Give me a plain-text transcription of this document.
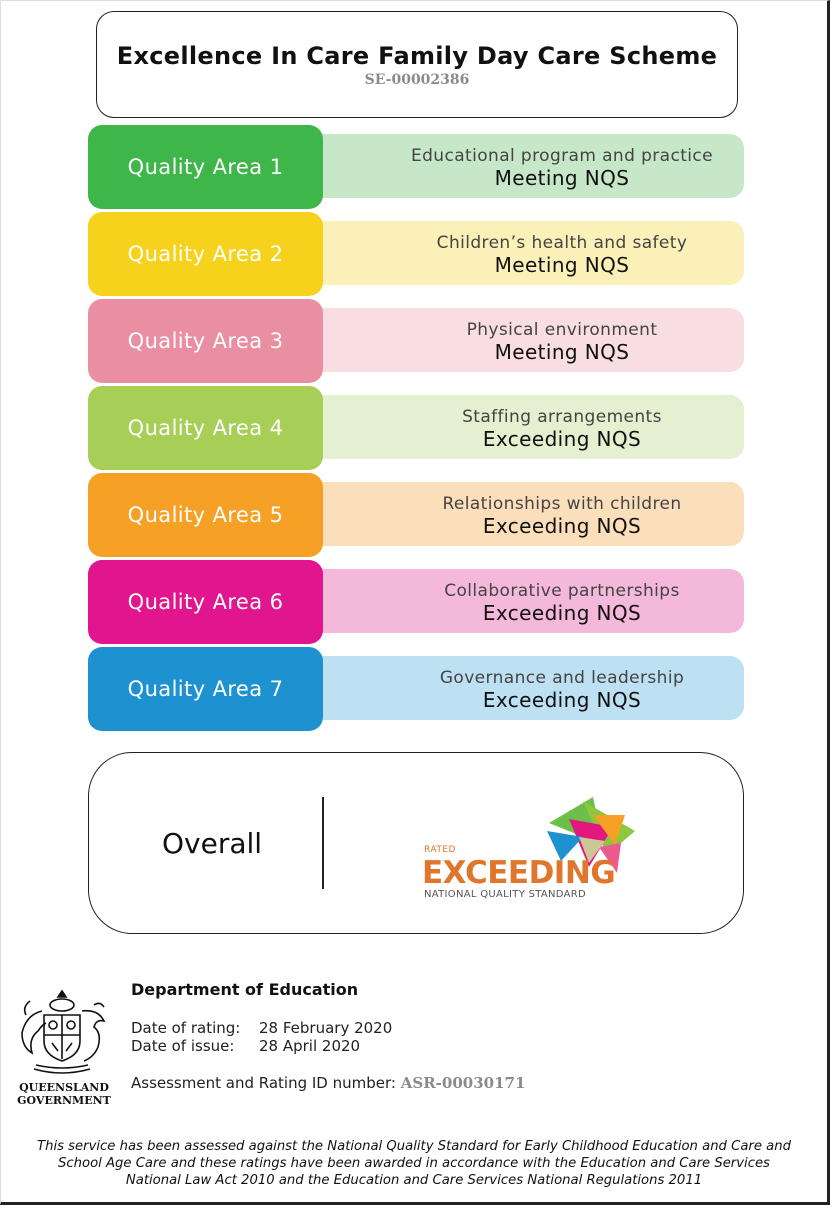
Excellence In Care Family Day Care Scheme
SE-00002386
Educational program and practice
Meeting NQS
Quality Area 1
Children’s health and safety
Meeting NQS
Quality Area 2
Physical environment
Meeting NQS
Quality Area 3
Staffing arrangements
Exceeding NQS
Quality Area 4
Relationships with children
Exceeding NQS
Quality Area 5
Collaborative partnerships
Exceeding NQS
Quality Area 6
Governance and leadership
Exceeding NQS
Quality Area 7
Overall	RATED
EXCEEDING
NATIONAL QUALITY STANDARD
QUEENSLAND
GOVERNMENT
Department of Education
Date of rating: 28 February 2020
Date of issue: 28 April 2020
Assessment and Rating ID number: ASR-00030171
This service has been assessed against the National Quality Standard for Early Childhood Education and Care and
School Age Care and these ratings have been awarded in accordance with the Education and Care Services
National Law Act 2010 and the Education and Care Services National Regulations 2011
